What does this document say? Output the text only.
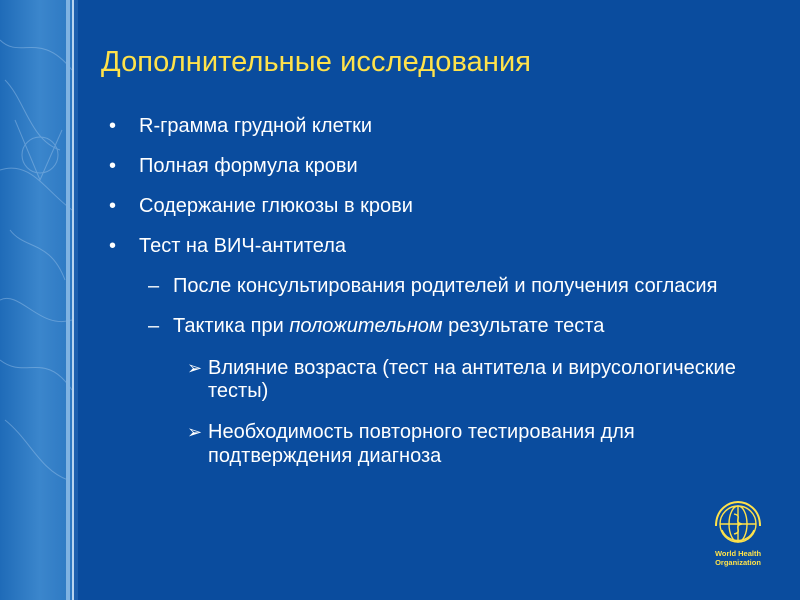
Дополнительные исследования
• R-грамма грудной клетки
• Полная формула крови
• Содержание глюкозы в крови
• Тест на ВИЧ-антитела
– После консультирования родителей и получения согласия
– Тактика при положительном результате теста
➢ Влияние возраста (тест на антитела и вирусологические
тесты)
➢ Необходимость повторного тестирования для
подтверждения диагноза
World Health
Organization
